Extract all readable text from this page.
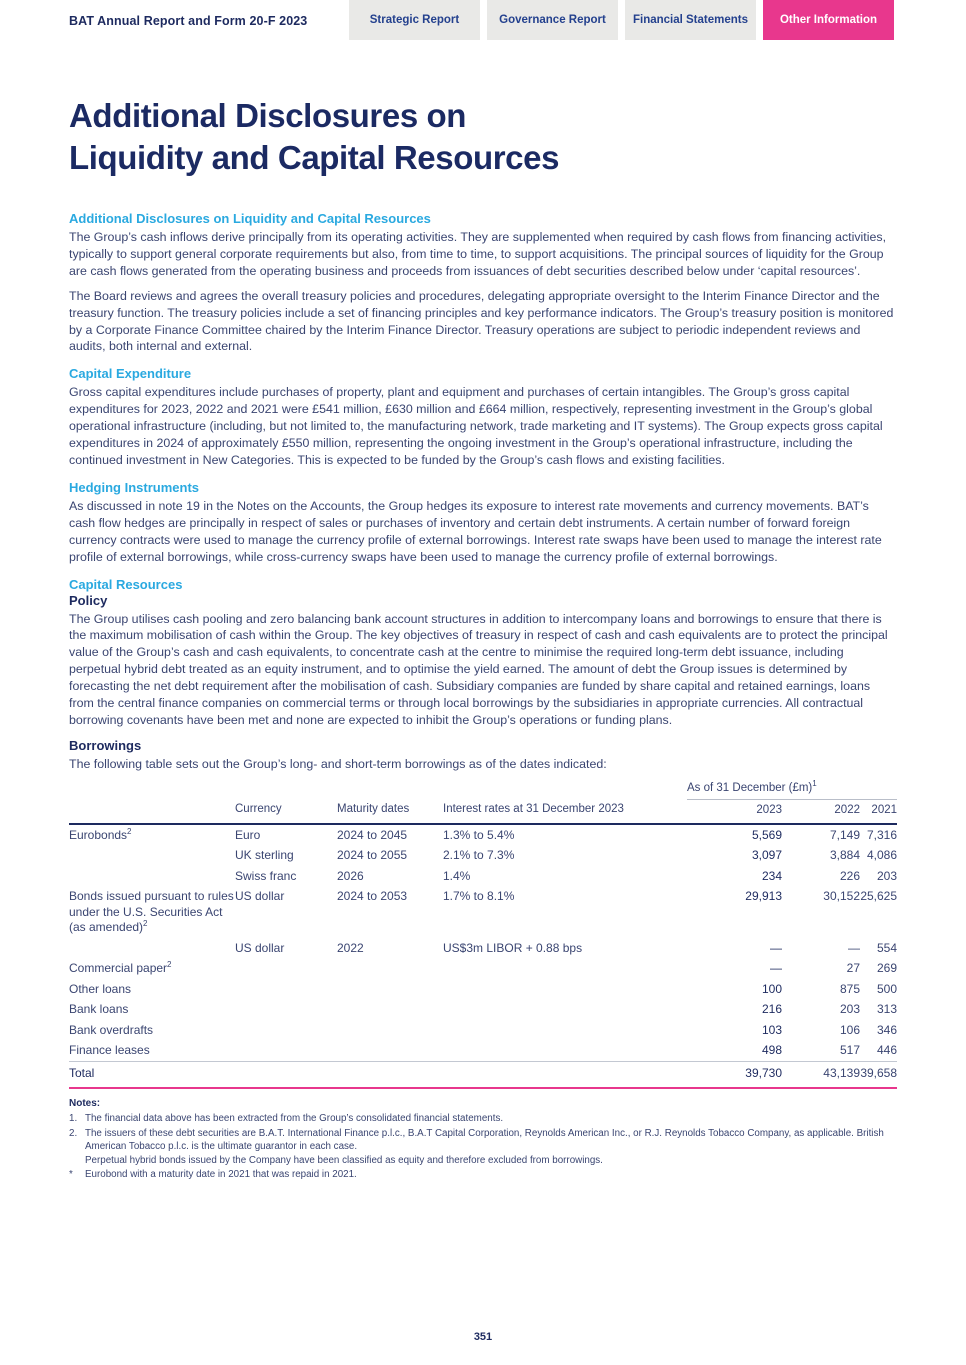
BAT Annual Report and Form 20-F 2023	Strategic Report	Governance Report	Financial Statements	Other Information
Additional Disclosures on
Liquidity and Capital Resources
Additional Disclosures on Liquidity and Capital Resources

The Group’s cash inflows derive principally from its operating activities. They are supplemented when required by cash flows from financing activities, typically to support general corporate requirements but also, from time to time, to support acquisitions. The principal sources of liquidity for the Group are cash flows generated from the operating business and proceeds from issuances of debt securities described below under ‘capital resources’.

The Board reviews and agrees the overall treasury policies and procedures, delegating appropriate oversight to the Interim Finance Director and the treasury function. The treasury policies include a set of financing principles and key performance indicators. The Group’s treasury position is monitored by a Corporate Finance Committee chaired by the Interim Finance Director. Treasury operations are subject to periodic independent reviews and audits, both internal and external.

Capital Expenditure

Gross capital expenditures include purchases of property, plant and equipment and purchases of certain intangibles. The Group’s gross capital expenditures for 2023, 2022 and 2021 were £541 million, £630 million and £664 million, respectively, representing investment in the Group’s global operational infrastructure (including, but not limited to, the manufacturing network, trade marketing and IT systems). The Group expects gross capital expenditures in 2024 of approximately £550 million, representing the ongoing investment in the Group’s operational infrastructure, including the continued investment in New Categories. This is expected to be funded by the Group’s cash flows and existing facilities.

Hedging Instruments

As discussed in note 19 in the Notes on the Accounts, the Group hedges its exposure to interest rate movements and currency movements. BAT’s cash flow hedges are principally in respect of sales or purchases of inventory and certain debt instruments. A certain number of forward foreign currency contracts were used to manage the currency profile of external borrowings. Interest rate swaps have been used to manage the interest rate profile of external borrowings, while cross-currency swaps have been used to manage the currency profile of external borrowings.

Capital Resources
Policy

The Group utilises cash pooling and zero balancing bank account structures in addition to intercompany loans and borrowings to ensure that there is the maximum mobilisation of cash within the Group. The key objectives of treasury in respect of cash and cash equivalents are to protect the principal value of the Group’s cash and cash equivalents, to concentrate cash at the centre to minimise the required long-term debt issuance, including perpetual hybrid debt treated as an equity instrument, and to optimise the yield earned. The amount of debt the Group issues is determined by forecasting the net debt requirement after the mobilisation of cash. Subsidiary companies are funded by share capital and retained earnings, loans from the central finance companies on commercial terms or through local borrowings by the subsidiaries in appropriate currencies. All contractual borrowing covenants have been met and none are expected to inhibit the Group’s operations or funding plans.

Borrowings

The following table sets out the Group’s long- and short-term borrowings as of the dates indicated:

				As of 31 December (£m)$^1$
	Currency	Maturity dates	Interest rates at 31 December 2023	2023	2022	2021
Eurobonds$^2$	Euro	2024 to 2045	1.3% to 5.4%	5,569	7,149	7,316
	UK sterling	2024 to 2055	2.1% to 7.3%	3,097	3,884	4,086
	Swiss franc	2026	1.4%	234	226	203
Bonds issued pursuant to rules under the U.S. Securities Act (as amended)$^2$	US dollar	2024 to 2053	1.7% to 8.1%	29,913	30,152	25,625
	US dollar	2022	US$3m LIBOR + 0.88 bps	—	—	554
Commercial paper$^2$				—	27	269
Other loans				100	875	500
Bank loans				216	203	313
Bank overdrafts				103	106	346
Finance leases				498	517	446
Total				39,730	43,139	39,658
Notes:
1. The financial data above has been extracted from the Group’s consolidated financial statements.
2. The issuers of these debt securities are B.A.T. International Finance p.l.c., B.A.T Capital Corporation, Reynolds American Inc., or R.J. Reynolds Tobacco Company, as applicable. British American Tobacco p.l.c. is the ultimate guarantor in each case.
Perpetual hybrid bonds issued by the Company have been classified as equity and therefore excluded from borrowings.
*	Eurobond with a maturity date in 2021 that was repaid in 2021.
351
